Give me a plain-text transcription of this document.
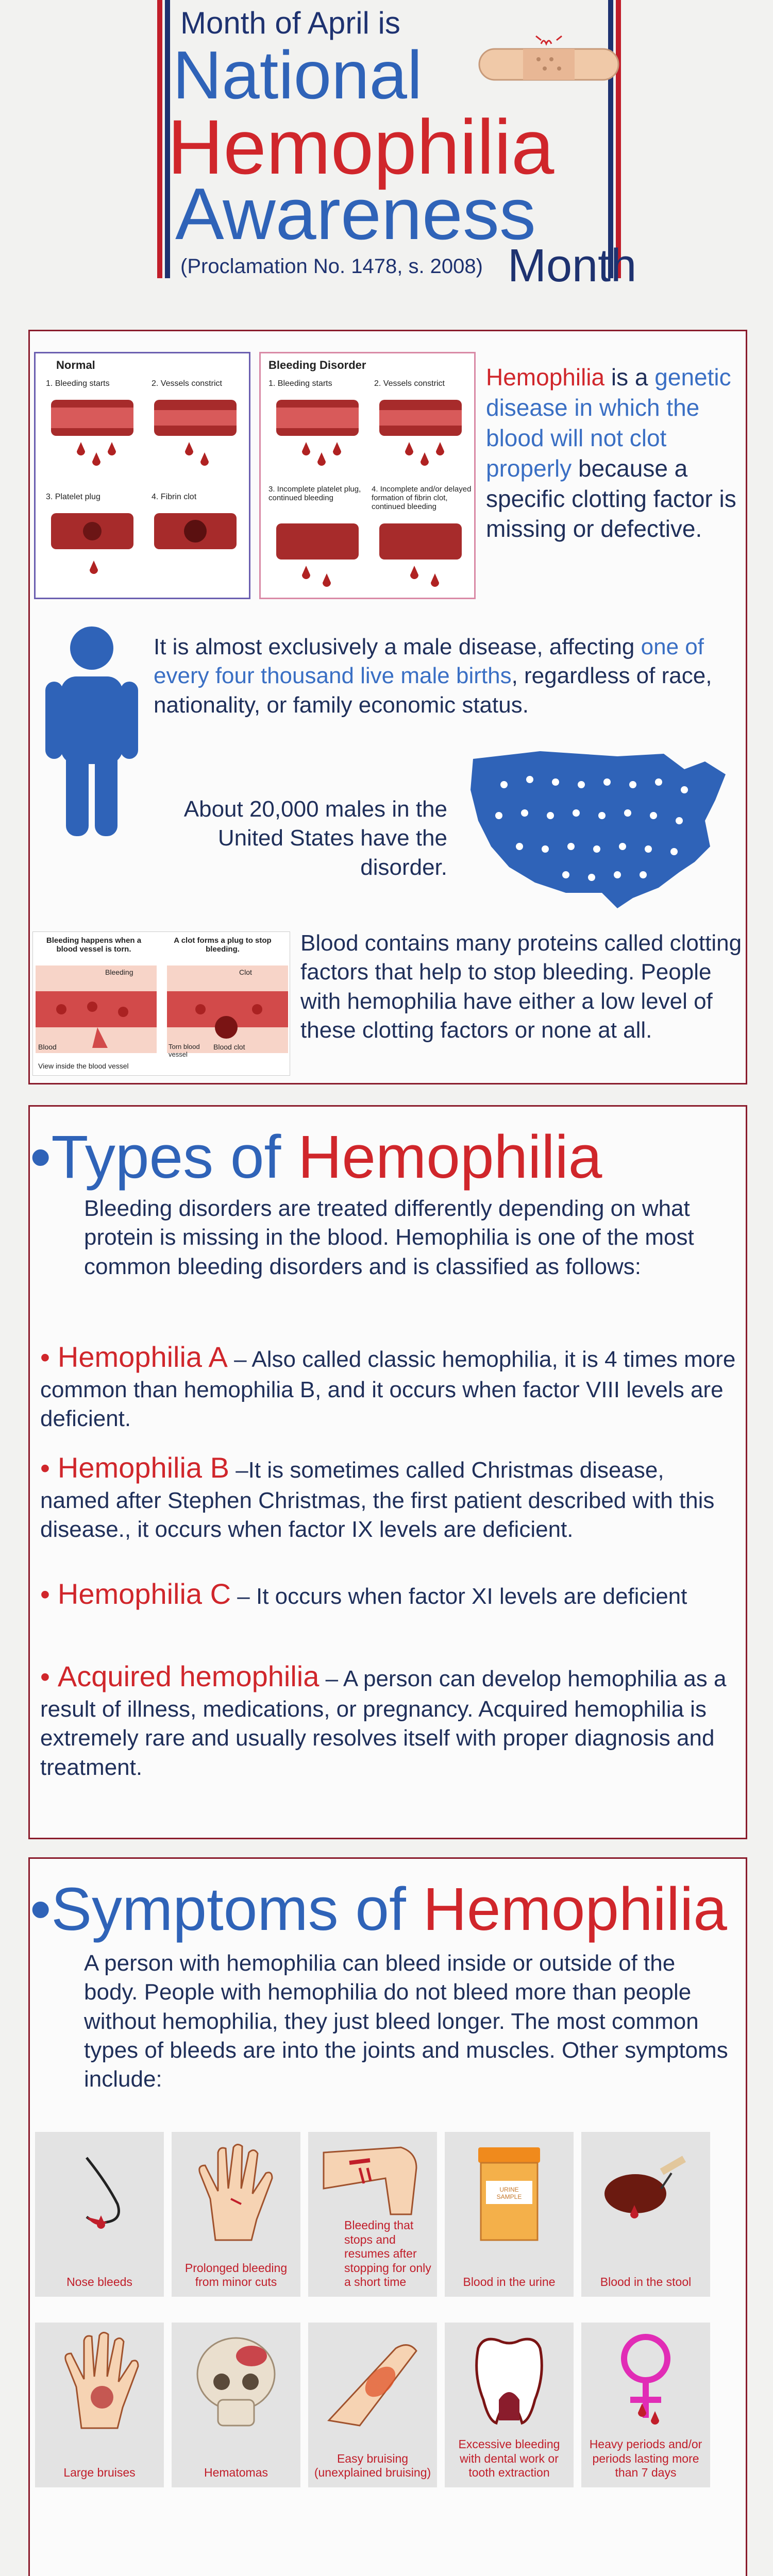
Month of April is
National
Hemophilia
Awareness
(Proclamation No. 1478, s. 2008) Month
Normal
1. Bleeding starts	2. Vessels constrict
3. Platelet plug	4. Fibrin clot
Bleeding Disorder
1. Bleeding starts	2. Vessels constrict
3. Incomplete platelet plug, continued bleeding
4. Incomplete and/or delayed formation of fibrin clot, continued bleeding
Hemophilia is a genetic disease in which the blood will not clot properly because a specific clotting factor is missing or defective.
It is almost exclusively a male disease, affecting one of every four thousand live male births, regardless of race, nationality, or family economic status.
About 20,000 males in the United States have the disorder.
Bleeding happens when a blood vessel is torn.
A clot forms a plug to stop bleeding.
Bleeding
Blood
Clot
Torn blood vessel
Blood clot
View inside the blood vessel
Blood contains many proteins called clotting factors that help to stop bleeding. People with hemophilia have either a low level of these clotting factors or none at all.
•Types of Hemophilia
Bleeding disorders are treated differently depending on what protein is missing in the blood. Hemophilia is one of the most common bleeding disorders and is classified as follows:
• Hemophilia A – Also called classic hemophilia, it is 4 times more common than hemophilia B, and it occurs when factor VIII levels are deficient.
• Hemophilia B –It is sometimes called Christmas disease, named after Stephen Christmas, the first patient described with this disease., it occurs when factor IX levels are deficient.
• Hemophilia C – It occurs when factor XI levels are deficient
• Acquired hemophilia – A person can develop hemophilia as a result of illness, medications, or pregnancy. Acquired hemophilia is extremely rare and usually resolves itself with proper diagnosis and treatment.
•Symptoms of Hemophilia
A person with hemophilia can bleed inside or outside of the body. People with hemophilia do not bleed more than people without hemophilia, they just bleed longer. The most common types of bleeds are into the joints and muscles. Other symptoms include:
Nose bleeds
Prolonged bleeding from minor cuts
Bleeding that stops and resumes after stopping for only a short time
URINE SAMPLE
Blood in the urine	Blood in the stool
Large bruises	Hematomas
Easy bruising (unexplained bruising)
Excessive bleeding with dental work or tooth extraction
Heavy periods and/or periods lasting more than 7 days
